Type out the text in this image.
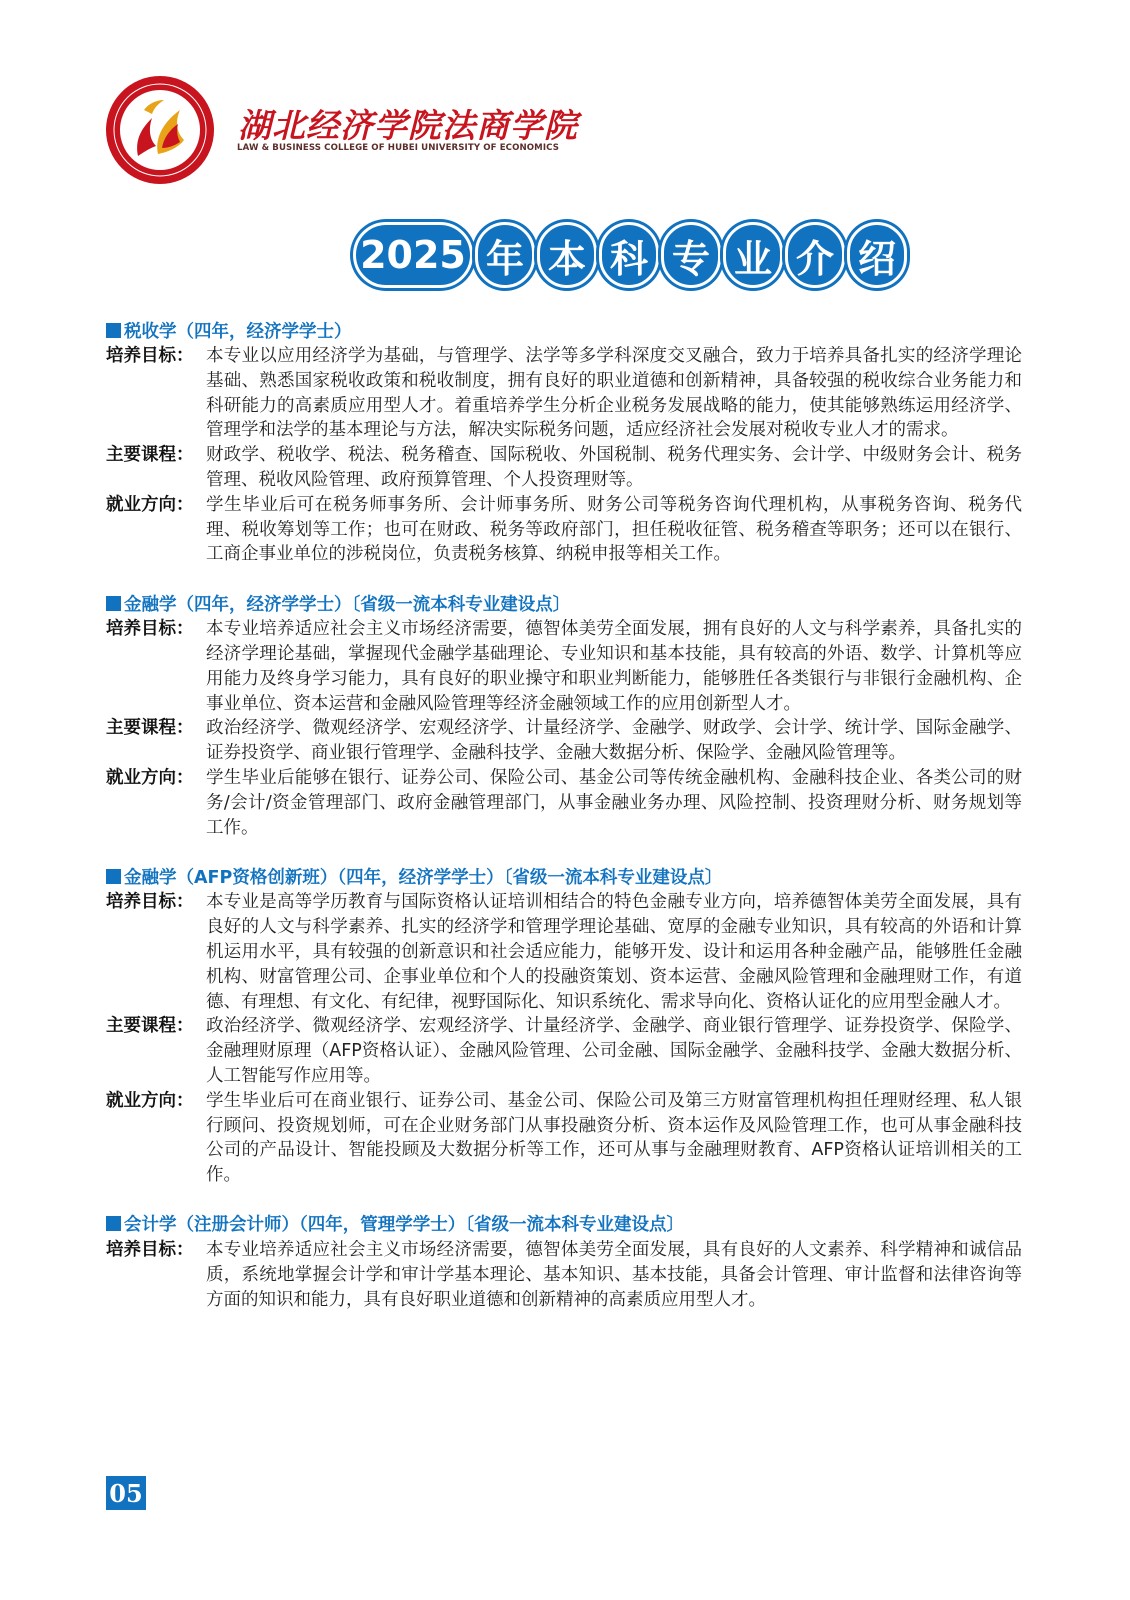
湖北经济学院法商学院
LAW & BUSINESS COLLEGE OF HUBEI UNIVERSITY OF ECONOMICS
2025 年 本 科 专 业 介 绍
税收学（四年，经济学学士）
培养目标： 本专业以应用经济学为基础，与管理学、法学等多学科深度交叉融合，致力于培养具备扎实的经济学理论基础、熟悉国家税收政策和税收制度，拥有良好的职业道德和创新精神，具备较强的税收综合业务能力和科研能力的高素质应用型人才。着重培养学生分析企业税务发展战略的能力，使其能够熟练运用经济学、管理学和法学的基本理论与方法，解决实际税务问题，适应经济社会发展对税收专业人才的需求。
主要课程： 财政学、税收学、税法、税务稽查、国际税收、外国税制、税务代理实务、会计学、中级财务会计、税务管理、税收风险管理、政府预算管理、个人投资理财等。
就业方向： 学生毕业后可在税务师事务所、会计师事务所、财务公司等税务咨询代理机构，从事税务咨询、税务代理、税收筹划等工作；也可在财政、税务等政府部门，担任税收征管、税务稽查等职务；还可以在银行、工商企事业单位的涉税岗位，负责税务核算、纳税申报等相关工作。
金融学（四年，经济学学士）〔省级一流本科专业建设点〕
培养目标： 本专业培养适应社会主义市场经济需要，德智体美劳全面发展，拥有良好的人文与科学素养，具备扎实的经济学理论基础，掌握现代金融学基础理论、专业知识和基本技能，具有较高的外语、数学、计算机等应用能力及终身学习能力，具有良好的职业操守和职业判断能力，能够胜任各类银行与非银行金融机构、企事业单位、资本运营和金融风险管理等经济金融领域工作的应用创新型人才。
主要课程： 政治经济学、微观经济学、宏观经济学、计量经济学、金融学、财政学、会计学、统计学、国际金融学、证券投资学、商业银行管理学、金融科技学、金融大数据分析、保险学、金融风险管理等。
就业方向： 学生毕业后能够在银行、证券公司、保险公司、基金公司等传统金融机构、金融科技企业、各类公司的财务/会计/资金管理部门、政府金融管理部门，从事金融业务办理、风险控制、投资理财分析、财务规划等工作。
金融学（AFP资格创新班）（四年，经济学学士）〔省级一流本科专业建设点〕
培养目标： 本专业是高等学历教育与国际资格认证培训相结合的特色金融专业方向，培养德智体美劳全面发展，具有良好的人文与科学素养、扎实的经济学和管理学理论基础、宽厚的金融专业知识，具有较高的外语和计算机运用水平，具有较强的创新意识和社会适应能力，能够开发、设计和运用各种金融产品，能够胜任金融机构、财富管理公司、企事业单位和个人的投融资策划、资本运营、金融风险管理和金融理财工作，有道德、有理想、有文化、有纪律，视野国际化、知识系统化、需求导向化、资格认证化的应用型金融人才。
主要课程： 政治经济学、微观经济学、宏观经济学、计量经济学、金融学、商业银行管理学、证券投资学、保险学、金融理财原理（AFP资格认证）、金融风险管理、公司金融、国际金融学、金融科技学、金融大数据分析、人工智能写作应用等。
就业方向： 学生毕业后可在商业银行、证券公司、基金公司、保险公司及第三方财富管理机构担任理财经理、私人银行顾问、投资规划师，可在企业财务部门从事投融资分析、资本运作及风险管理工作，也可从事金融科技公司的产品设计、智能投顾及大数据分析等工作，还可从事与金融理财教育、AFP资格认证培训相关的工作。
会计学（注册会计师）（四年，管理学学士）〔省级一流本科专业建设点〕
培养目标： 本专业培养适应社会主义市场经济需要，德智体美劳全面发展，具有良好的人文素养、科学精神和诚信品质，系统地掌握会计学和审计学基本理论、基本知识、基本技能，具备会计管理、审计监督和法律咨询等方面的知识和能力，具有良好职业道德和创新精神的高素质应用型人才。
05
